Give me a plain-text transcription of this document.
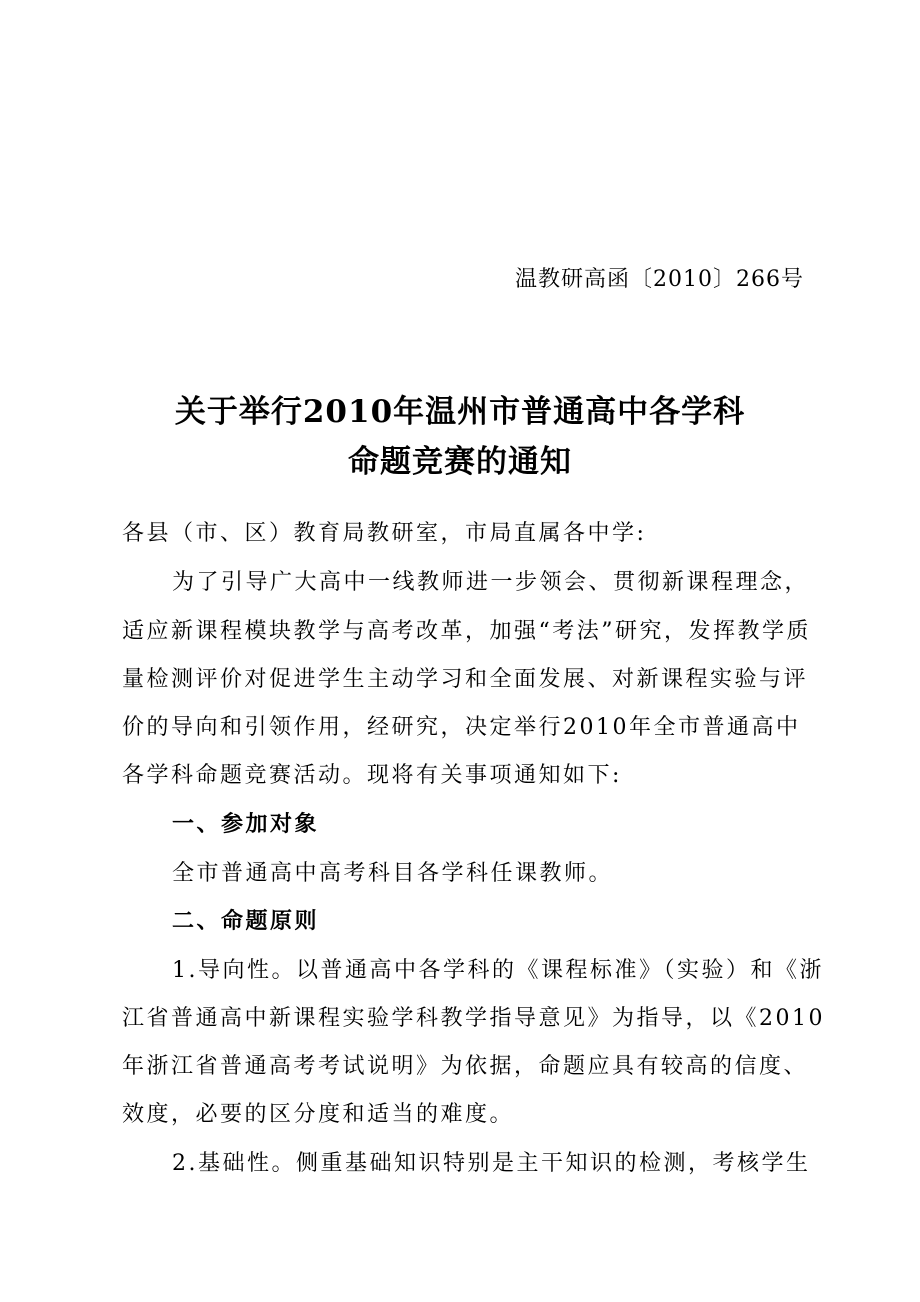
温教研高函〔2010〕266号
关于举行2010年温州市普通高中各学科
命题竞赛的通知
各县（市、区）教育局教研室，市局直属各中学:
为了引导广大高中一线教师进一步领会、贯彻新课程理念，
适应新课程模块教学与高考改革，加强“考法”研究，发挥教学质
量检测评价对促进学生主动学习和全面发展、对新课程实验与评
价的导向和引领作用，经研究，决定举行2010年全市普通高中
各学科命题竞赛活动。现将有关事项通知如下:
一、参加对象
全市普通高中高考科目各学科任课教师。
二、命题原则
1.导向性。以普通高中各学科的《课程标准》（实验）和《浙
江省普通高中新课程实验学科教学指导意见》为指导，以《2010
年浙江省普通高考考试说明》为依据，命题应具有较高的信度、
效度，必要的区分度和适当的难度。
2.基础性。侧重基础知识特别是主干知识的检测，考核学生
